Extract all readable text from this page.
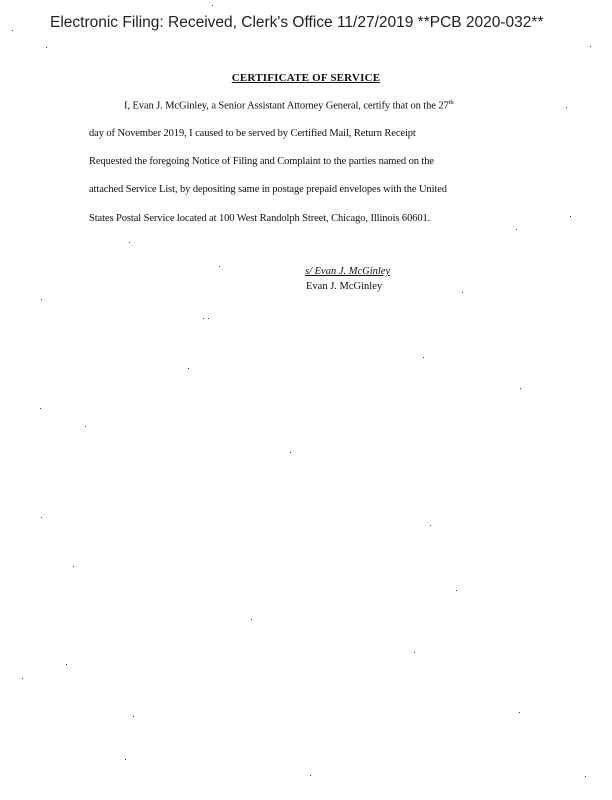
Electronic Filing: Received, Clerk's Office 11/27/2019 **PCB 2020-032**
CERTIFICATE OF SERVICE
I, Evan J. McGinley, a Senior Assistant Attorney General, certify that on the 27th
day of November 2019, I caused to be served by Certified Mail, Return Receipt
Requested the foregoing Notice of Filing and Complaint to the parties named on the
attached Service List, by depositing same in postage prepaid envelopes with the United
States Postal Service located at 100 West Randolph Street, Chicago, Illinois 60601.
s/ Evan J. McGinley
Evan J. McGinley
